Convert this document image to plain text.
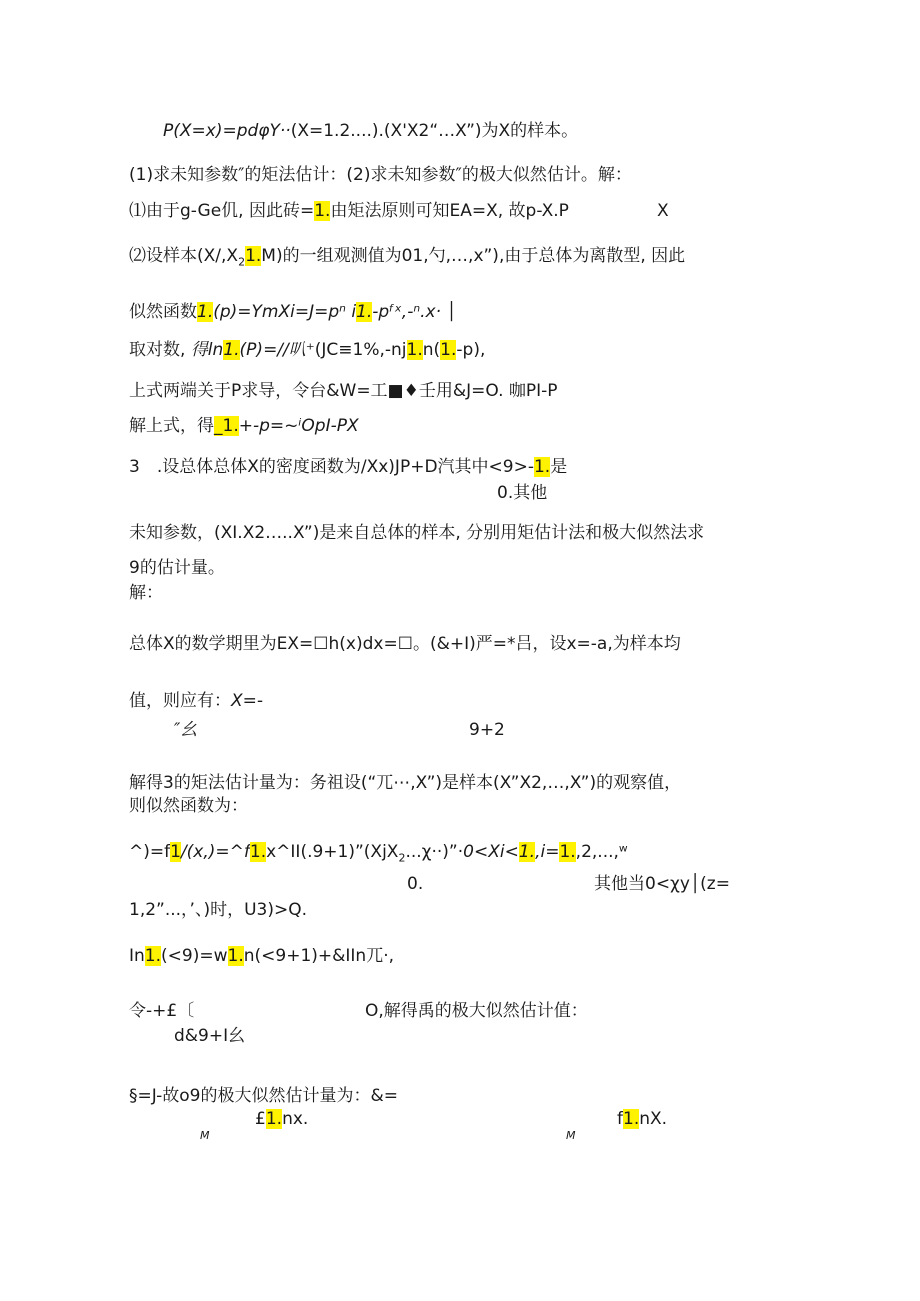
P(X=x)=pdφY··(X=1.2....).(X'X2“…X”)为X的样本。
(1)求未知参数″的矩法估计：(2)求未知参数″的极大似然估计。解：
⑴由于g-Ge仉, 因此砖=1.由矩法原则可知EA=X, 故p-X.P	X
⑵设样本$(X/,X_21.M)$的一组观测值为01,勺,…,x”),由于总体为离散型, 因此
似然函数1.(p)=YmXi=J=pⁿ i1.-pᶠˣ,-ⁿ.x· │
取对数, 得ln1.(P)=∕∕叭⁺(JC≡1%,-nj1.n(1.-p),
上式两端关于P求导，令台&W=工■♦壬用&J=O. 咖PI-P
解上式，得_1.+-p=~ⁱOpI-PX
3　.设总体总体X的密度函数为/Xx)JP+D汽其中<9>-1.是
0.其他
未知参数，(XI.X2…..X”)是来自总体的样本, 分别用矩估计法和极大似然法求
9的估计量。
解：
总体X的数学期里为EX=☐h(x)dx=☐。(&+I)严=*吕，设x=-a,为样本均
值，则应有：X=-
″幺	9+2
解得3的矩法估计量为：务祖设(“兀⋯,X”)是样本(X”X2,…,X”)的观察值，
则似然函数为：
^)=f1/(x,)=^f1.x^II(.9+1)”(XjX$_2$...χ··)”·0<Xi<1.,i=1.,2,...,ʷ
0.	其他当0<χy│(z=
1,2”...，’、)时，U3)>Q.
In1.(<9)=w1.n(<9+1)+&IIn兀·,
令-+£〔	O,解得禹的极大似然估计值：
d&9+I幺
§=J-故ο9的极大似然估计量为：&=
M
£1.nx.
M
f1.nX.
